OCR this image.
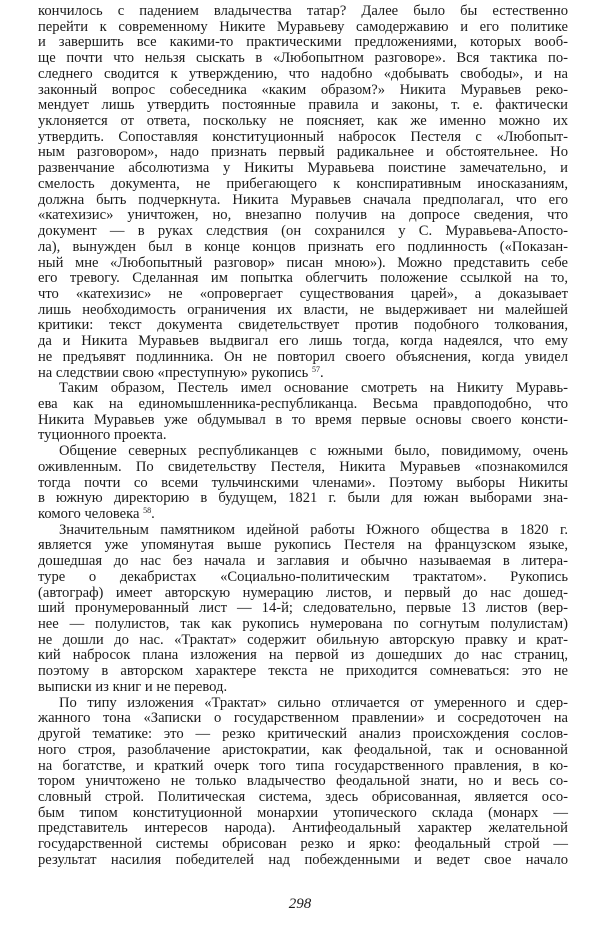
кончилось с падением владычества татар? Далее было бы естественно
перейти к современному Никите Муравьеву самодержавию и его политике
и завершить все какими-то практическими предложениями, которых вооб-
ще почти что нельзя сыскать в «Любопытном разговоре». Вся тактика по-
следнего сводится к утверждению, что надобно «добывать свободы», и на
законный вопрос собеседника «каким образом?» Никита Муравьев реко-
мендует лишь утвердить постоянные правила и законы, т. е. фактически
уклоняется от ответа, поскольку не поясняет, как же именно можно их
утвердить. Сопоставляя конституционный набросок Пестеля с «Любопыт-
ным разговором», надо признать первый радикальнее и обстоятельнее. Но
развенчание абсолютизма у Никиты Муравьева поистине замечательно, и
смелость документа, не прибегающего к конспиративным иносказаниям,
должна быть подчеркнута. Никита Муравьев сначала предполагал, что его
«катехизис» уничтожен, но, внезапно получив на допросе сведения, что
документ — в руках следствия (он сохранился у С. Муравьева-Апосто-
ла), вынужден был в конце концов признать его подлинность («Показан-
ный мне «Любопытный разговор» писан мною»). Можно представить себе
его тревогу. Сделанная им попытка облегчить положение ссылкой на то,
что «катехизис» не «опровергает существования царей», а доказывает
лишь необходимость ограничения их власти, не выдерживает ни малейшей
критики: текст документа свидетельствует против подобного толкования,
да и Никита Муравьев выдвигал его лишь тогда, когда надеялся, что ему
не предъявят подлинника. Он не повторил своего объяснения, когда увидел
на следствии свою «преступную» рукопись $^{57}$.
Таким образом, Пестель имел основание смотреть на Никиту Муравь-
ева как на единомышленника-республиканца. Весьма правдоподобно, что
Никита Муравьев уже обдумывал в то время первые основы своего консти-
туционного проекта.
Общение северных республиканцев с южными было, повидимому, очень
оживленным. По свидетельству Пестеля, Никита Муравьев «познакомился
тогда почти со всеми тульчинскими членами». Поэтому выборы Никиты
в южную директорию в будущем, 1821 г. были для южан выборами зна-
комого человека $^{58}$.
Значительным памятником идейной работы Южного общества в 1820 г.
является уже упомянутая выше рукопись Пестеля на французском языке,
дошедшая до нас без начала и заглавия и обычно называемая в литера-
туре о декабристах «Социально-политическим трактатом». Рукопись
(автограф) имеет авторскую нумерацию листов, и первый до нас дошед-
ший пронумерованный лист — 14-й; следовательно, первые 13 листов (вер-
нее — полулистов, так как рукопись нумерована по согнутым полулистам)
не дошли до нас. «Трактат» содержит обильную авторскую правку и крат-
кий набросок плана изложения на первой из дошедших до нас страниц,
поэтому в авторском характере текста не приходится сомневаться: это не
выписки из книг и не перевод.
По типу изложения «Трактат» сильно отличается от умеренного и сдер-
жанного тона «Записки о государственном правлении» и сосредоточен на
другой тематике: это — резко критический анализ происхождения сослов-
ного строя, разоблачение аристократии, как феодальной, так и основанной
на богатстве, и краткий очерк того типа государственного правления, в ко-
тором уничтожено не только владычество феодальной знати, но и весь со-
словный строй. Политическая система, здесь обрисованная, является осо-
бым типом конституционной монархии утопического склада (монарх —
представитель интересов народа). Антифеодальный характер желательной
государственной системы обрисован резко и ярко: феодальный строй —
результат насилия победителей над побежденными и ведет свое начало
298
